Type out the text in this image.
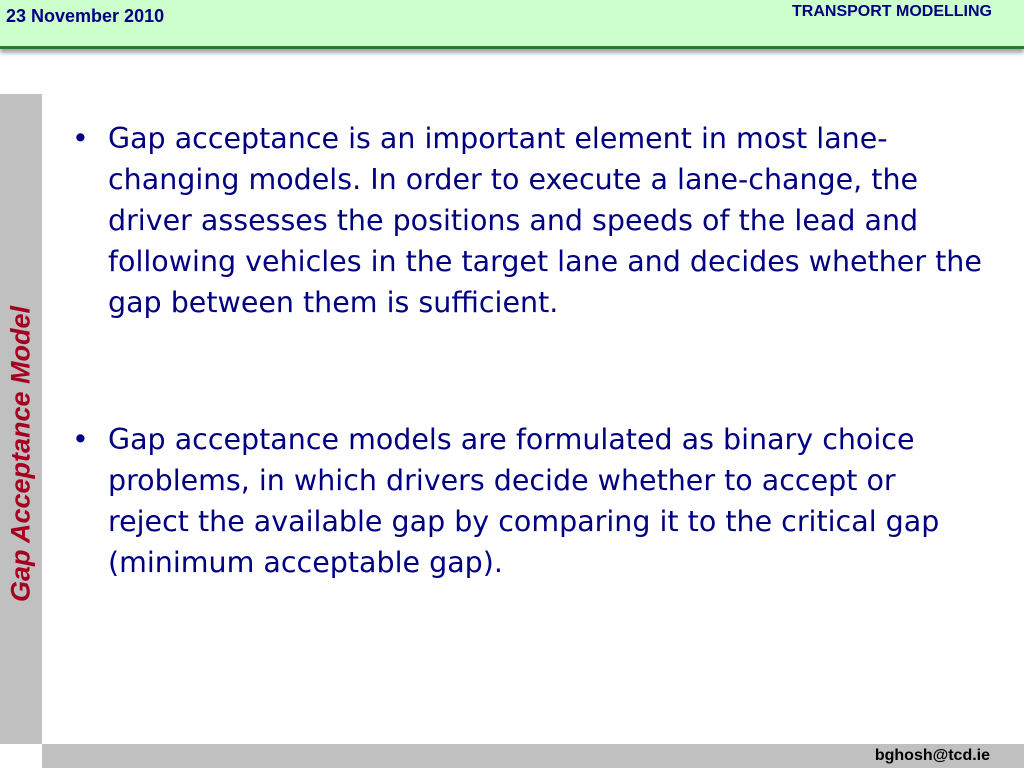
23 November 2010	TRANSPORT MODELLING
Gap Acceptance Model
• Gap acceptance is an important element in most lane-changing models. In order to execute a lane-change, the driver assesses the positions and speeds of the lead and following vehicles in the target lane and decides whether the gap between them is sufficient.
• Gap acceptance models are formulated as binary choice problems, in which drivers decide whether to accept or reject the available gap by comparing it to the critical gap (minimum acceptable gap).
bghosh@tcd.ie
